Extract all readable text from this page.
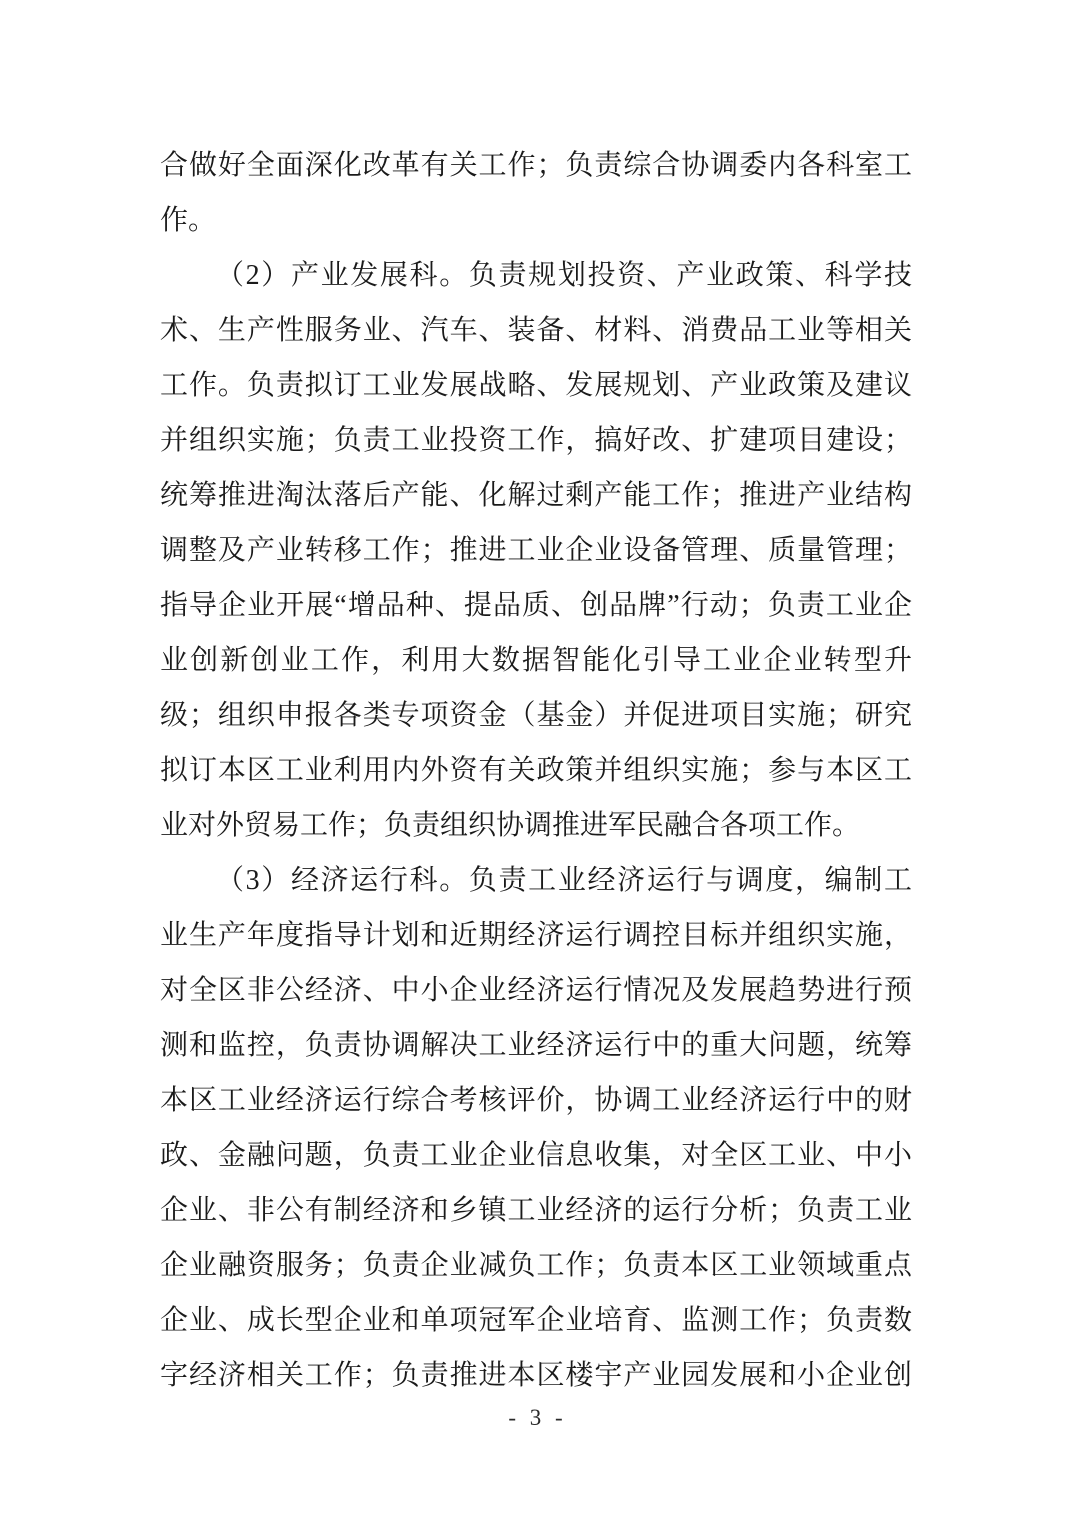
合做好全面深化改革有关工作；负责综合协调委内各科室工
作。
（2）产业发展科。负责规划投资、产业政策、科学技
术、生产性服务业、汽车、装备、材料、消费品工业等相关
工作。负责拟订工业发展战略、发展规划、产业政策及建议
并组织实施；负责工业投资工作，搞好改、扩建项目建设；
统筹推进淘汰落后产能、化解过剩产能工作；推进产业结构
调整及产业转移工作；推进工业企业设备管理、质量管理；
指导企业开展“增品种、提品质、创品牌”行动；负责工业企
业创新创业工作，利用大数据智能化引导工业企业转型升
级；组织申报各类专项资金（基金）并促进项目实施；研究
拟订本区工业利用内外资有关政策并组织实施；参与本区工
业对外贸易工作；负责组织协调推进军民融合各项工作。
（3）经济运行科。负责工业经济运行与调度，编制工
业生产年度指导计划和近期经济运行调控目标并组织实施，
对全区非公经济、中小企业经济运行情况及发展趋势进行预
测和监控，负责协调解决工业经济运行中的重大问题，统筹
本区工业经济运行综合考核评价，协调工业经济运行中的财
政、金融问题，负责工业企业信息收集，对全区工业、中小
企业、非公有制经济和乡镇工业经济的运行分析；负责工业
企业融资服务；负责企业减负工作；负责本区工业领域重点
企业、成长型企业和单项冠军企业培育、监测工作；负责数
字经济相关工作；负责推进本区楼宇产业园发展和小企业创
- 3 -
